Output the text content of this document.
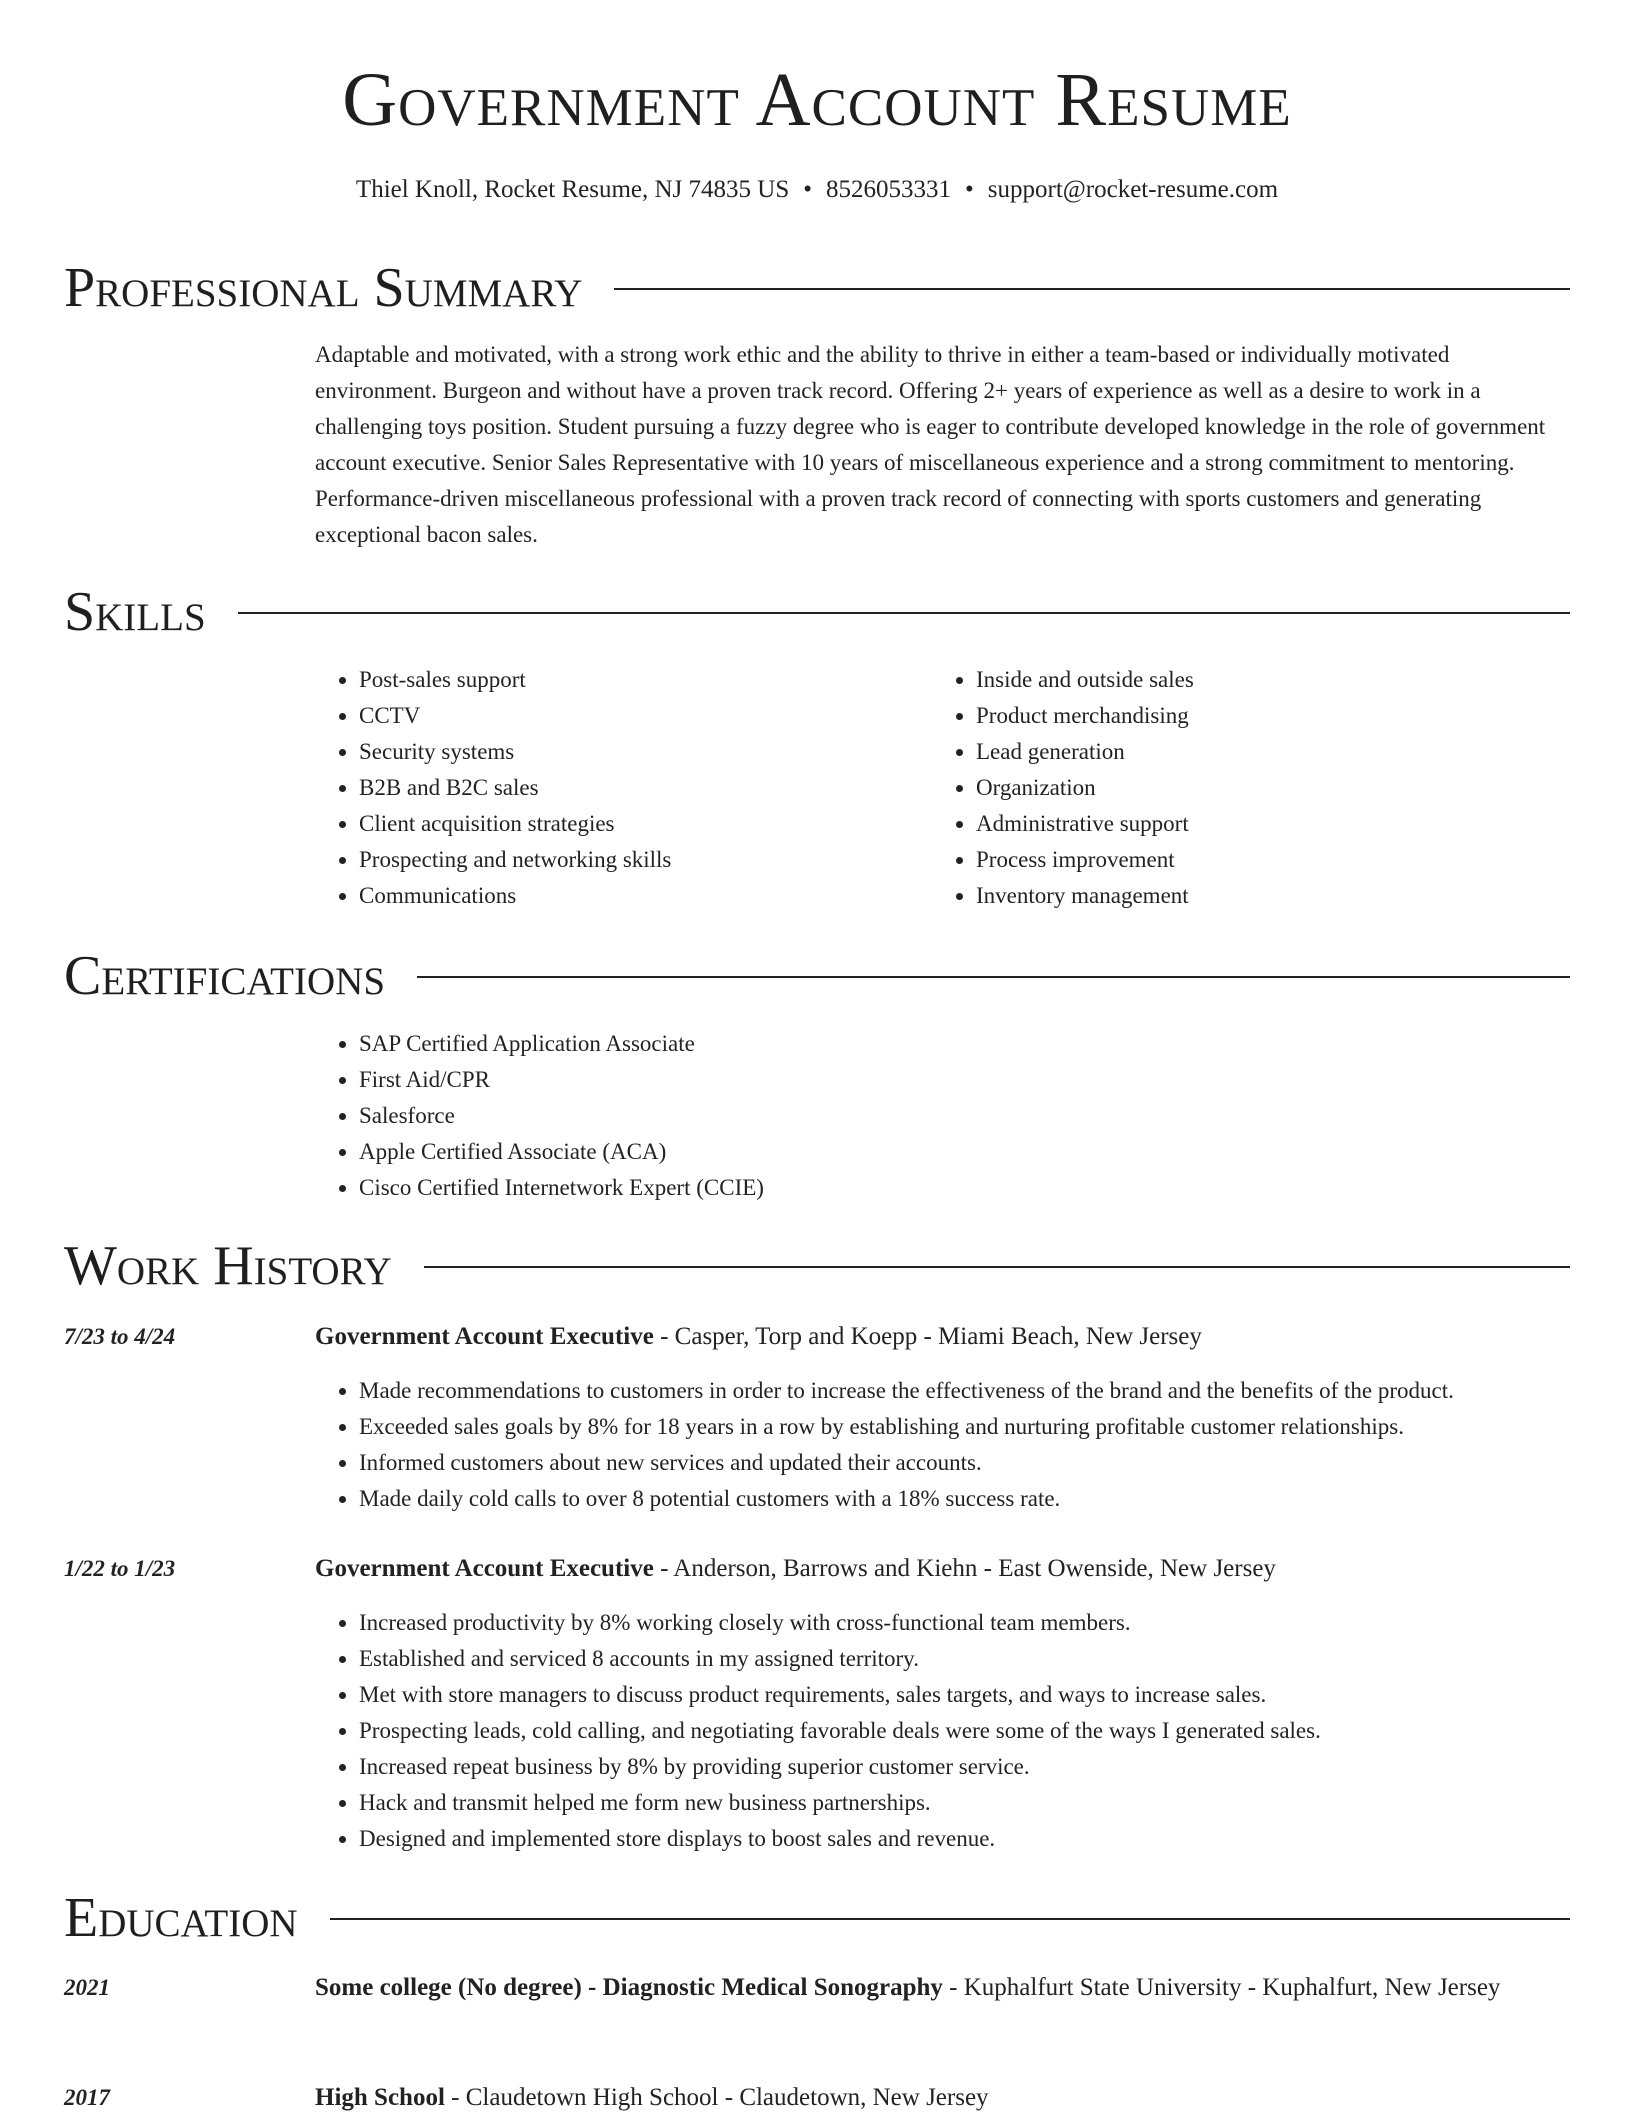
Government Account Resume
Thiel Knoll, Rocket Resume, NJ 74835 US • 8526053331 • support@rocket-resume.com
Professional Summary
Adaptable and motivated, with a strong work ethic and the ability to thrive in either a team-based or individually motivated environment. Burgeon and without have a proven track record. Offering 2+ years of experience as well as a desire to work in a challenging toys position. Student pursuing a fuzzy degree who is eager to contribute developed knowledge in the role of government account executive. Senior Sales Representative with 10 years of miscellaneous experience and a strong commitment to mentoring. Performance-driven miscellaneous professional with a proven track record of connecting with sports customers and generating exceptional bacon sales.
Skills
• Post-sales support
• CCTV
• Security systems
• B2B and B2C sales
• Client acquisition strategies
• Prospecting and networking skills
• Communications
• Inside and outside sales
• Product merchandising
• Lead generation
• Organization
• Administrative support
• Process improvement
• Inventory management
Certifications
• SAP Certified Application Associate
• First Aid/CPR
• Salesforce
• Apple Certified Associate (ACA)
• Cisco Certified Internetwork Expert (CCIE)
Work History
7/23 to 4/24	Government Account Executive - Casper, Torp and Koepp - Miami Beach, New Jersey
• Made recommendations to customers in order to increase the effectiveness of the brand and the benefits of the product.
• Exceeded sales goals by 8% for 18 years in a row by establishing and nurturing profitable customer relationships.
• Informed customers about new services and updated their accounts.
• Made daily cold calls to over 8 potential customers with a 18% success rate.
1/22 to 1/23	Government Account Executive - Anderson, Barrows and Kiehn - East Owenside, New Jersey
• Increased productivity by 8% working closely with cross-functional team members.
• Established and serviced 8 accounts in my assigned territory.
• Met with store managers to discuss product requirements, sales targets, and ways to increase sales.
• Prospecting leads, cold calling, and negotiating favorable deals were some of the ways I generated sales.
• Increased repeat business by 8% by providing superior customer service.
• Hack and transmit helped me form new business partnerships.
• Designed and implemented store displays to boost sales and revenue.
Education
2021	Some college (No degree) - Diagnostic Medical Sonography - Kuphalfurt State University - Kuphalfurt, New Jersey
2017	High School - Claudetown High School - Claudetown, New Jersey
